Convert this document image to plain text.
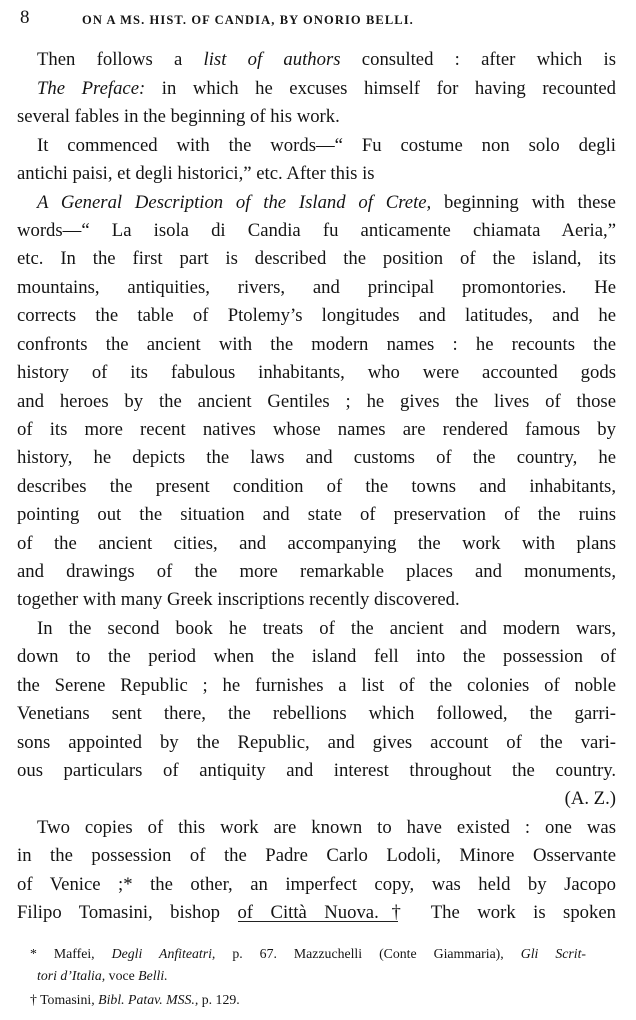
8	ON A MS. HIST. OF CANDIA, BY ONORIO BELLI.
Then follows a list of authors consulted : after which is
The Preface: in which he excuses himself for having recounted
several fables in the beginning of his work.
It commenced with the words—“ Fu costume non solo degli
antichi paisi, et degli historici,” etc. After this is
A General Description of the Island of Crete, beginning with these
words—“ La isola di Candia fu anticamente chiamata Aeria,”
etc. In the first part is described the position of the island, its
mountains, antiquities, rivers, and principal promontories. He
corrects the table of Ptolemy’s longitudes and latitudes, and he
confronts the ancient with the modern names : he recounts the
history of its fabulous inhabitants, who were accounted gods
and heroes by the ancient Gentiles ; he gives the lives of those
of its more recent natives whose names are rendered famous by
history, he depicts the laws and customs of the country, he
describes the present condition of the towns and inhabitants,
pointing out the situation and state of preservation of the ruins
of the ancient cities, and accompanying the work with plans
and drawings of the more remarkable places and monuments,
together with many Greek inscriptions recently discovered.
In the second book he treats of the ancient and modern wars,
down to the period when the island fell into the possession of
the Serene Republic ; he furnishes a list of the colonies of noble
Venetians sent there, the rebellions which followed, the garri-
sons appointed by the Republic, and gives account of the vari-
ous particulars of antiquity and interest throughout the country.
(A. Z.)
Two copies of this work are known to have existed : one was
in the possession of the Padre Carlo Lodoli, Minore Osservante
of Venice ;* the other, an imperfect copy, was held by Jacopo
Filipo Tomasini, bishop of Città Nuova.† The work is spoken
* Maffei, Degli Anfiteatri, p. 67. Mazzuchelli (Conte Giammaria), Gli Scrit-
tori d’Italia, voce Belli.
† Tomasini, Bibl. Patav. MSS., p. 129.
